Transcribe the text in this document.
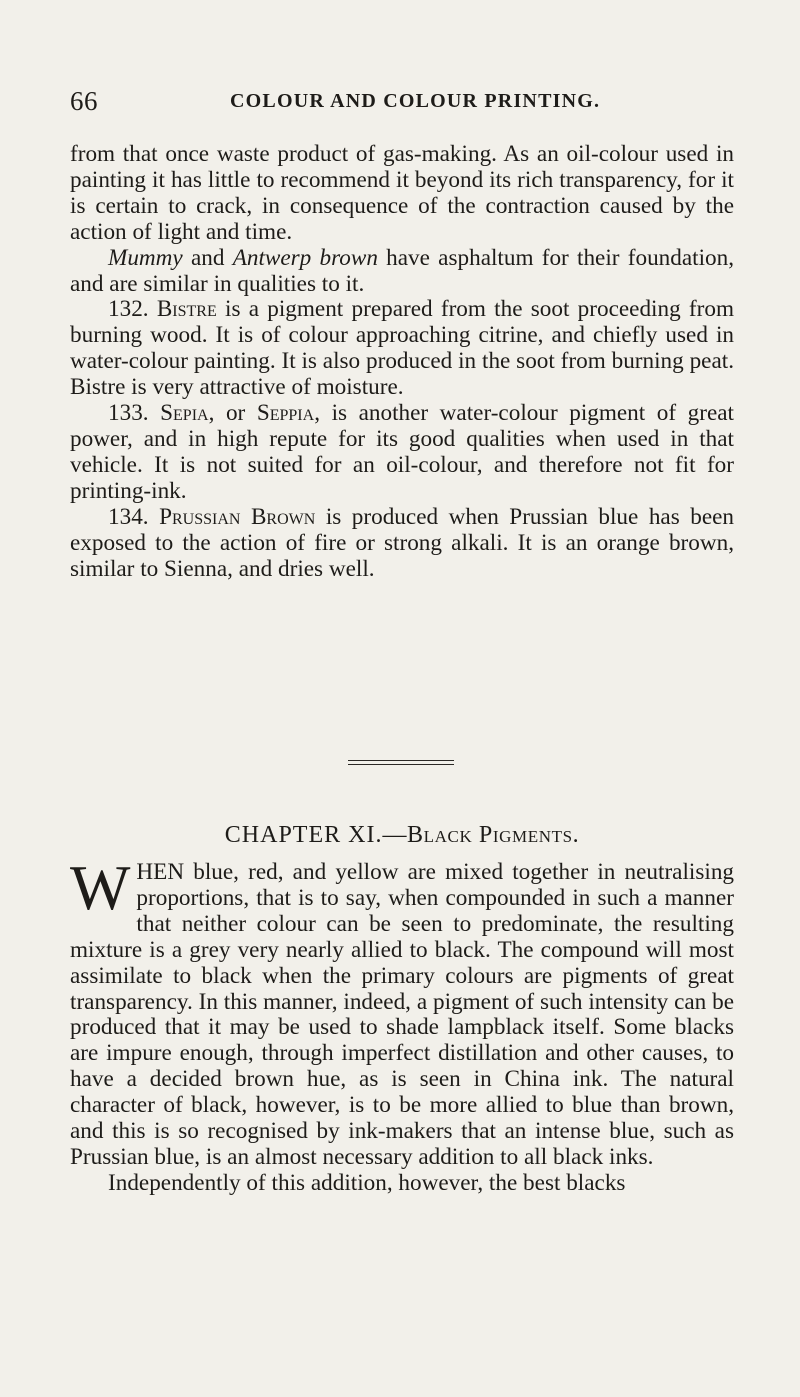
66	COLOUR AND COLOUR PRINTING.

from that once waste product of gas-making. As an oil-colour used in painting it has little to recommend it beyond its rich transparency, for it is certain to crack, in consequence of the contraction caused by the action of light and time.

Mummy and Antwerp brown have asphaltum for their foundation, and are similar in qualities to it.

132. Bistre is a pigment prepared from the soot proceeding from burning wood. It is of colour approaching citrine, and chiefly used in water-colour painting. It is also produced in the soot from burning peat. Bistre is very attractive of moisture.

133. Sepia, or Seppia, is another water-colour pigment of great power, and in high repute for its good qualities when used in that vehicle. It is not suited for an oil-colour, and therefore not fit for printing-ink.

134. Prussian Brown is produced when Prussian blue has been exposed to the action of fire or strong alkali. It is an orange brown, similar to Sienna, and dries well.

CHAPTER XI.—Black Pigments.

WHEN blue, red, and yellow are mixed together in neutralising proportions, that is to say, when compounded in such a manner that neither colour can be seen to predominate, the resulting mixture is a grey very nearly allied to black. The compound will most assimilate to black when the primary colours are pigments of great transparency. In this manner, indeed, a pigment of such intensity can be produced that it may be used to shade lampblack itself. Some blacks are impure enough, through imperfect distillation and other causes, to have a decided brown hue, as is seen in China ink. The natural character of black, however, is to be more allied to blue than brown, and this is so recognised by ink-makers that an intense blue, such as Prussian blue, is an almost necessary addition to all black inks.

Independently of this addition, however, the best blacks
